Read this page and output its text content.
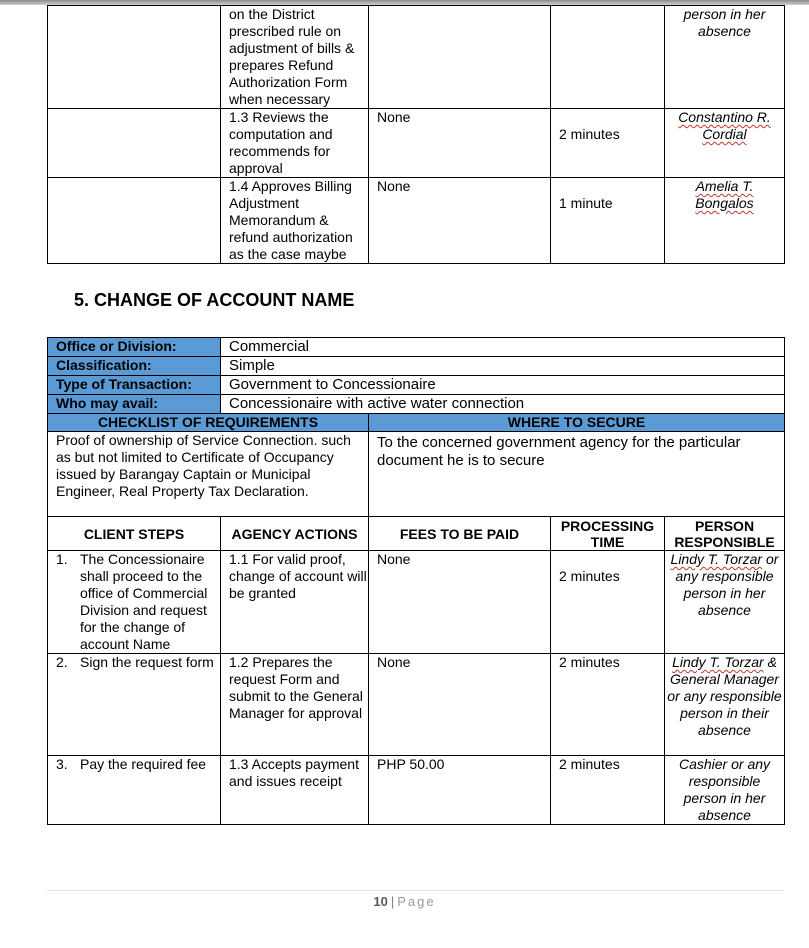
	on the District prescribed rule on adjustment of bills & prepares Refund Authorization Form when necessary			person in her absence
	1.3 Reviews the computation and recommends for approval	None	2 minutes	Constantino R. Cordial
	1.4 Approves Billing Adjustment Memorandum & refund authorization as the case maybe	None	1 minute	Amelia T. Bongalos
5. CHANGE OF ACCOUNT NAME
Office or Division:	Commercial	
Classification:	Simple	
Type of Transaction:	Government to Concessionaire	
Who may avail:	Concessionaire with active water connection	
CHECKLIST OF REQUIREMENTS		WHERE TO SECURE
Proof of ownership of Service Connection. such as but not limited to Certificate of Occupancy issued by Barangay Captain or Municipal Engineer, Real Property Tax Declaration.		To the concerned government agency for the particular document he is to secure
CLIENT STEPS	AGENCY ACTIONS	FEES TO BE PAID	PROCESSING TIME	PERSON RESPONSIBLE

1. The Concessionaire shall proceed to the office of Commercial Division and request for the change of account Name	1.1 For valid proof, change of account will be granted	None	2 minutes	Lindy T. Torzar or any responsible person in her absence

2. Sign the request form	1.2 Prepares the request Form and submit to the General Manager for approval	None	2 minutes	Lindy T. Torzar & General Manager or any responsible person in their absence

3. Pay the required fee	1.3 Accepts payment and issues receipt	PHP 50.00	2 minutes	Cashier or any responsible person in her absence
10 | Page
